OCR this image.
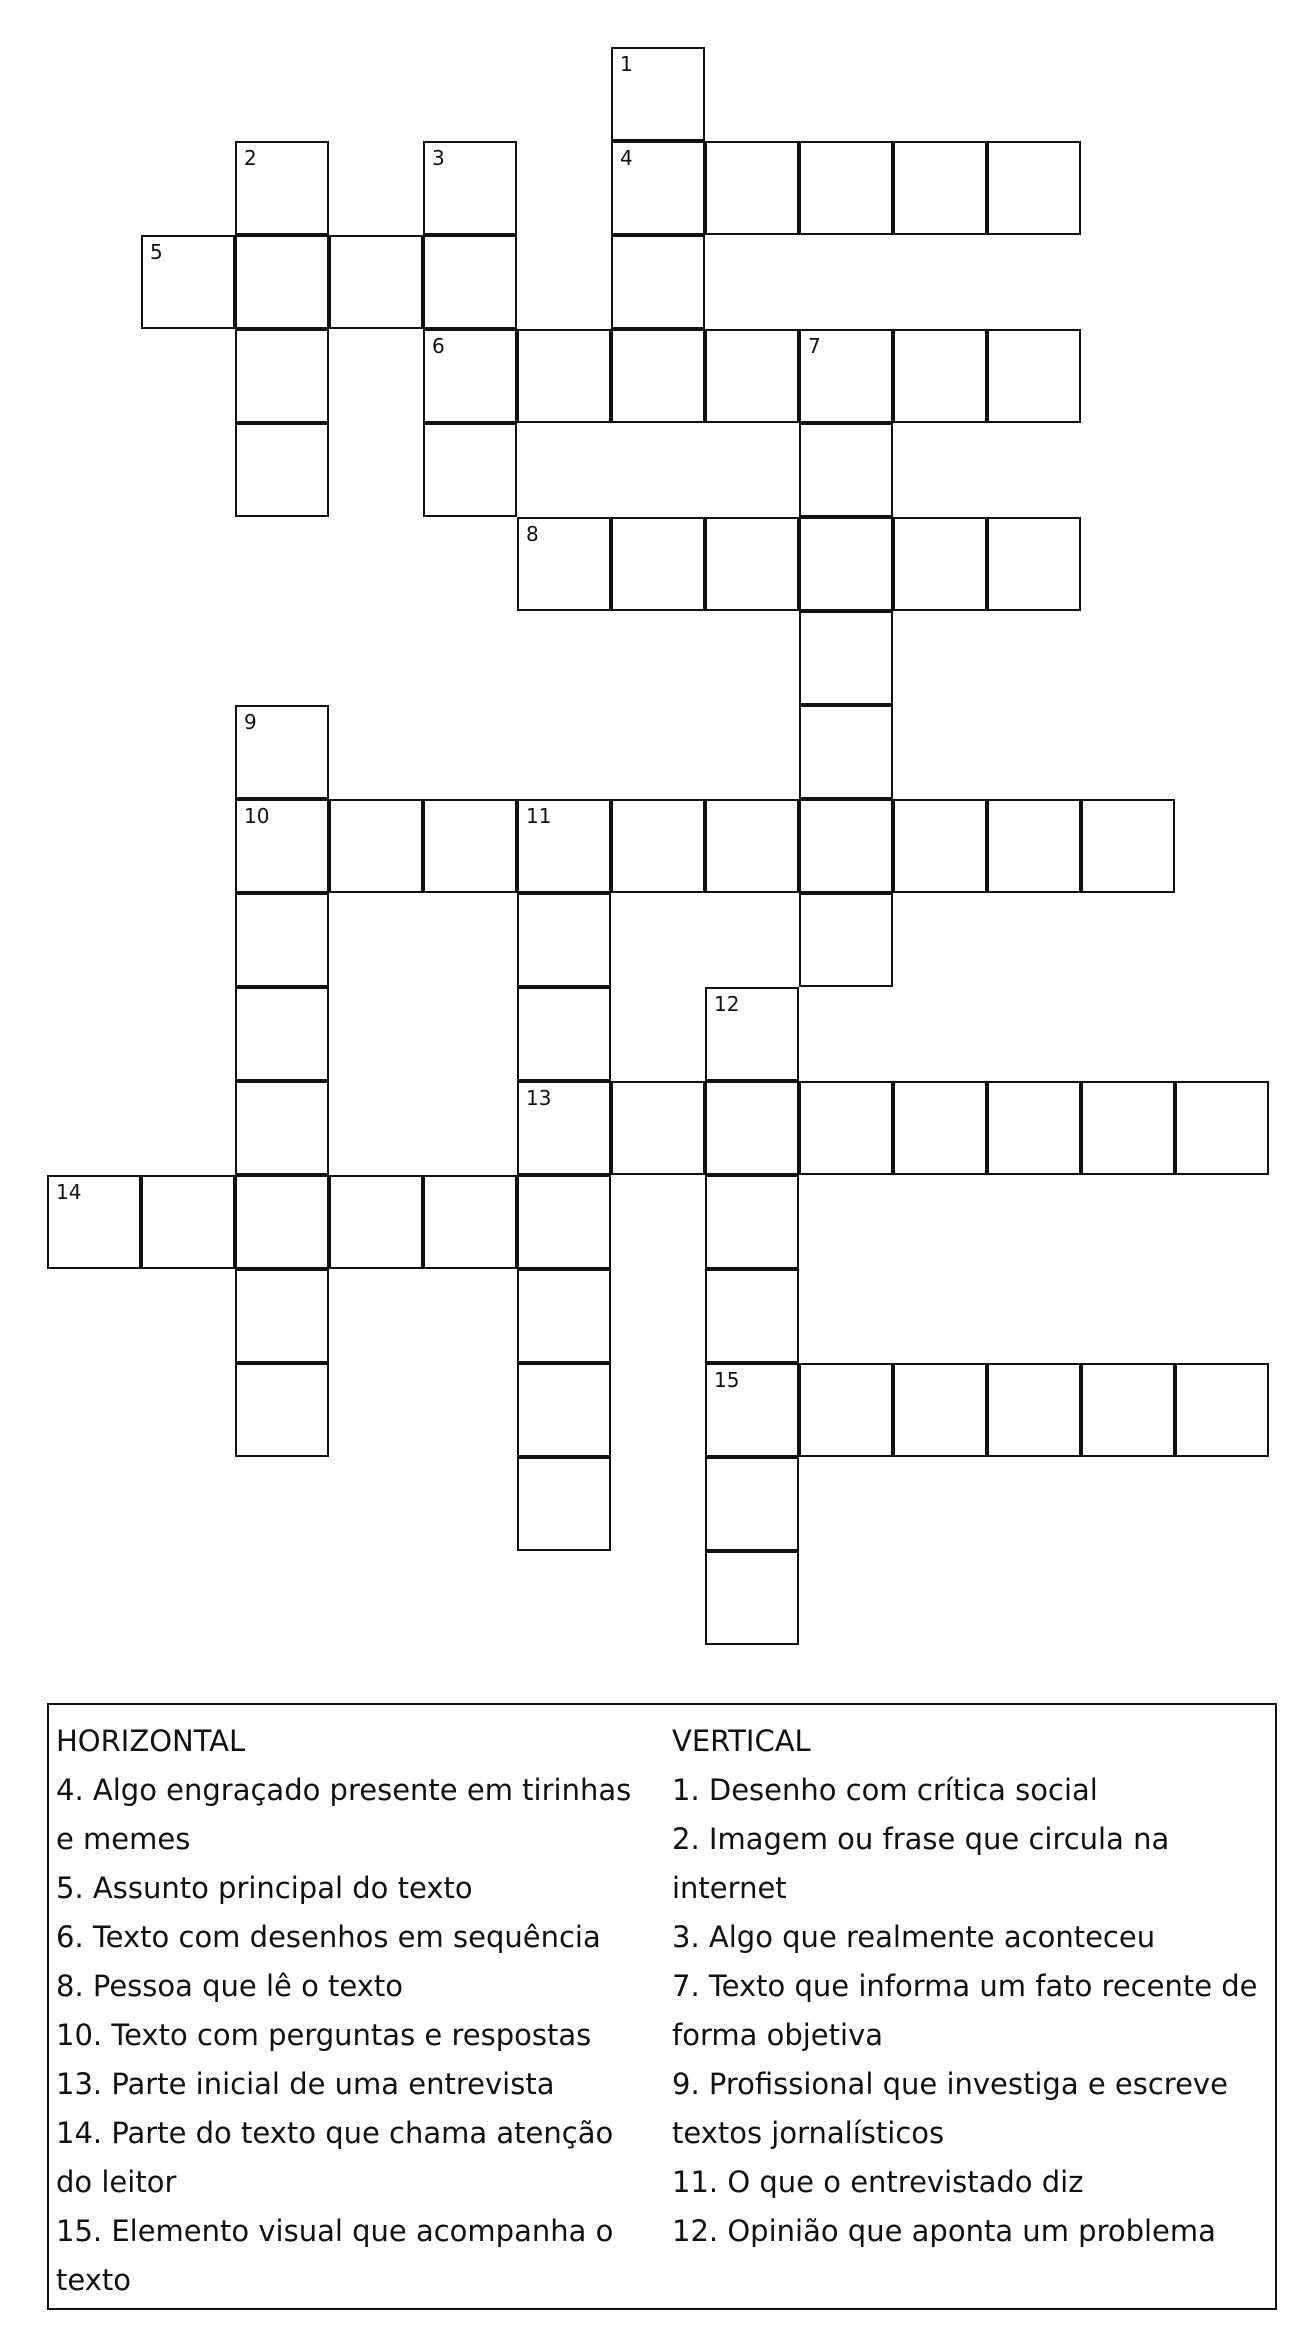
4
5
6	7
8
10	11
13
14
15
1
2	3
9
12
HORIZONTAL
4. Algo engraçado presente em tirinhas e memes
5. Assunto principal do texto
6. Texto com desenhos em sequência
8. Pessoa que lê o texto
10. Texto com perguntas e respostas
13. Parte inicial de uma entrevista
14. Parte do texto que chama atenção do leitor
15. Elemento visual que acompanha o texto
VERTICAL
1. Desenho com crítica social
2. Imagem ou frase que circula na internet
3. Algo que realmente aconteceu
7. Texto que informa um fato recente de forma objetiva
9. Profissional que investiga e escreve textos jornalísticos
11. O que o entrevistado diz
12. Opinião que aponta um problema
